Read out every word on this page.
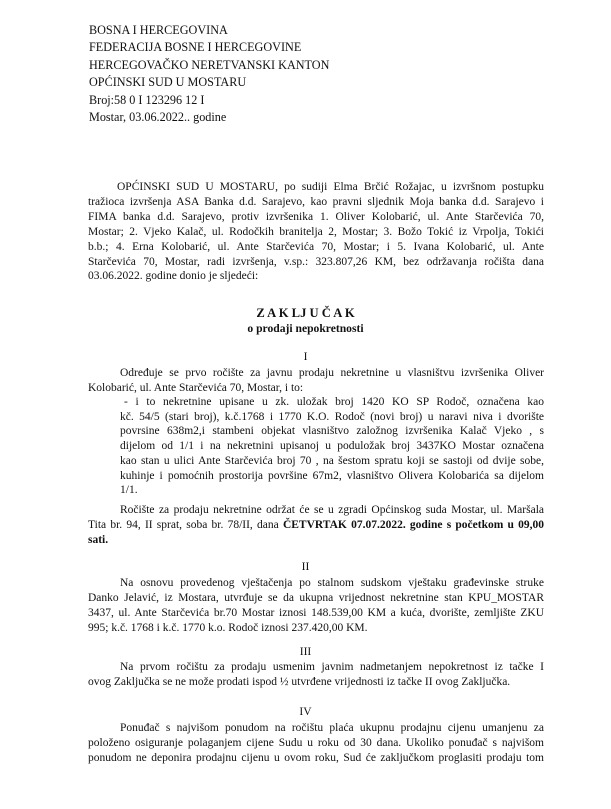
BOSNA I HERCEGOVINA
FEDERACIJA BOSNE I HERCEGOVINE
HERCEGOVAČKO NERETVANSKI KANTON
OPĆINSKI SUD U MOSTARU
Broj:58 0 I 123296 12 I
Mostar, 03.06.2022.. godine
OPĆINSKI SUD U MOSTARU, po sudiji Elma Brčić Rožajac, u izvršnom postupku
tražioca izvršenja ASA Banka d.d. Sarajevo, kao pravni sljednik Moja banka d.d. Sarajevo i
FIMA banka d.d. Sarajevo, protiv izvršenika 1. Oliver Kolobarić, ul. Ante Starčevića 70,
Mostar; 2. Vjeko Kalač, ul. Rodočkih branitelja 2, Mostar; 3. Božo Tokić iz Vrpolja, Tokići
b.b.; 4. Erna Kolobarić, ul. Ante Starčevića 70, Mostar; i 5. Ivana Kolobarić, ul. Ante
Starčevića 70, Mostar, radi izvršenja, v.sp.: 323.807,26 KM, bez održavanja ročišta dana
03.06.2022. godine donio je sljedeći:
Z A K LJ U Č A K
o prodaji nepokretnosti
I
Određuje se prvo ročište za javnu prodaju nekretnine u vlasništvu izvršenika Oliver
Kolobarić, ul. Ante Starčevića 70, Mostar, i to:
- i to nekretnine upisane u zk. uložak broj 1420 KO SP Rodoč, označena kao
kč. 54/5 (stari broj), k.č.1768 i 1770 K.O. Rodoč (novi broj) u naravi niva i dvorište
povrsine 638m2,i stambeni objekat vlasništvo založnog izvršenika Kalač Vjeko , s
dijelom od 1/1 i na nekretnini upisanoj u poduložak broj 3437KO Mostar označena
kao stan u ulici Ante Starčevića broj 70 , na šestom spratu koji se sastoji od dvije sobe,
kuhinje i pomoćnih prostorija površine 67m2, vlasništvo Olivera Kolobarića sa dijelom
1/1.
Ročište za prodaju nekretnine održat će se u zgradi Općinskog suda Mostar, ul. Maršala
Tita br. 94, II sprat, soba br. 78/II, dana ČETVRTAK 07.07.2022. godine s početkom u 09,00
sati.
II
Na osnovu provedenog vještačenja po stalnom sudskom vještaku građevinske struke
Danko Jelavić, iz Mostara, utvrđuje se da ukupna vrijednost nekretnine stan KPU_MOSTAR
3437, ul. Ante Starčevića br.70 Mostar iznosi 148.539,00 KM a kuća, dvorište, zemljište ZKU
995; k.č. 1768 i k.č. 1770 k.o. Rodoč iznosi 237.420,00 KM.
III
Na prvom ročištu za prodaju usmenim javnim nadmetanjem nepokretnost iz tačke I
ovog Zaključka se ne može prodati ispod ½ utvrđene vrijednosti iz tačke II ovog Zaključka.
IV
Ponuđač s najvišom ponudom na ročištu plaća ukupnu prodajnu cijenu umanjenu za
položeno osiguranje polaganjem cijene Sudu u roku od 30 dana. Ukoliko ponuđač s najvišom
ponudom ne deponira prodajnu cijenu u ovom roku, Sud će zaključkom proglasiti prodaju tom
